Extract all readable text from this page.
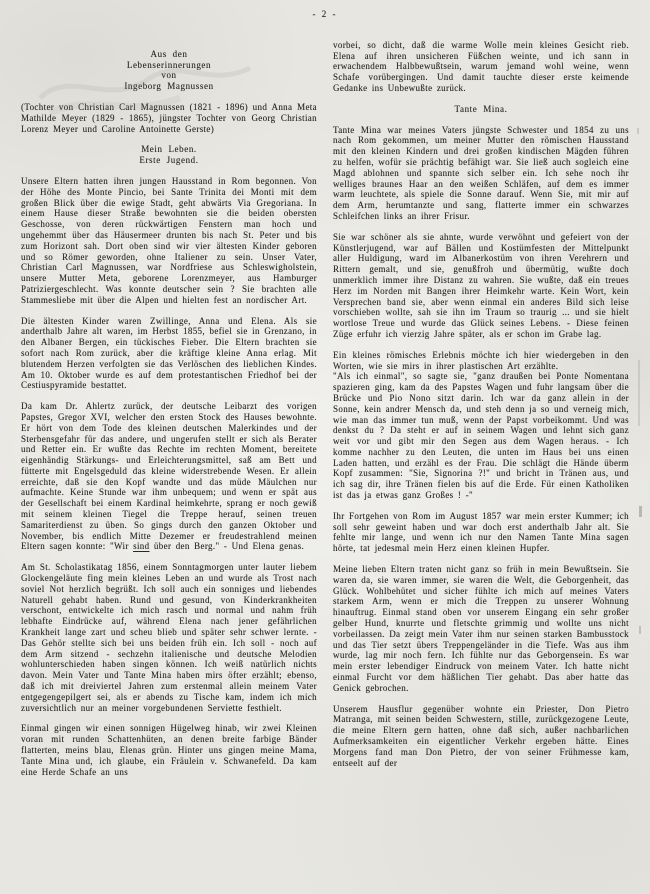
- 2 -
Aus den
Lebenserinnerungen
von
Ingeborg Magnussen

(Tochter von Christian Carl Magnussen (1821 - 1896) und Anna Meta Mathilde Meyer (1829 - 1865), jüngster Tochter von Georg Christian Lorenz Meyer und Caroline Antoinette Gerste)

Mein Leben.
Erste Jugend.

Unsere Eltern hatten ihren jungen Hausstand in Rom begonnen. Von der Höhe des Monte Pincio, bei Sante Trinita dei Monti mit dem großen Blick über die ewige Stadt, geht abwärts Via Gregoriana. In einem Hause dieser Straße bewohnten sie die beiden obersten Geschosse, von deren rückwärtigen Fenstern man hoch und ungehemmt über das Häusermeer drunten bis nach St. Peter und bis zum Horizont sah. Dort oben sind wir vier ältesten Kinder geboren und so Römer geworden, ohne Italiener zu sein. Unser Vater, Christian Carl Magnussen, war Nordfriese aus Schleswigholstein, unsere Mutter Meta, geborene Lorenzmeyer, aus Hamburger Patriziergeschlecht. Was konnte deutscher sein ? Sie brachten alle Stammesliebe mit über die Alpen und hielten fest an nordischer Art.

Die ältesten Kinder waren Zwillinge, Anna und Elena. Als sie anderthalb Jahre alt waren, im Herbst 1855, befiel sie in Grenzano, in den Albaner Bergen, ein tückisches Fieber. Die Eltern brachten sie sofort nach Rom zurück, aber die kräftige kleine Anna erlag. Mit blutendem Herzen verfolgten sie das Verlöschen des lieblichen Kindes. Am 10. Oktober wurde es auf dem protestantischen Friedhof bei der Cestiuspyramide bestattet.

Da kam Dr. Ahlertz zurück, der deutsche Leibarzt des vorigen Papstes, Gregor XVI, welcher den ersten Stock des Hauses bewohnte. Er hört von dem Tode des kleinen deutschen Malerkindes und der Sterbensgefahr für das andere, und ungerufen stellt er sich als Berater und Retter ein. Er wußte das Rechte im rechten Moment, bereitete eigenhändig Stärkungs- und Erleichterungsmittel, saß am Bett und fütterte mit Engelsgeduld das kleine widerstrebende Wesen. Er allein erreichte, daß sie den Kopf wandte und das müde Mäulchen nur aufmachte. Keine Stunde war ihm unbequem; und wenn er spät aus der Gesellschaft bei einem Kardinal heimkehrte, sprang er noch gewiß mit seinem kleinen Tiegel die Treppe herauf, seinen treuen Samariterdienst zu üben. So gings durch den ganzen Oktober und November, bis endlich Mitte Dezemer er freudestrahlend meinen Eltern sagen konnte: "Wir sind über den Berg." - Und Elena genas.

Am St. Scholastikatag 1856, einem Sonntagmorgen unter lauter liebem Glockengeläute fing mein kleines Leben an und wurde als Trost nach soviel Not herzlich begrüßt. Ich soll auch ein sonniges und liebendes Naturell gehabt haben. Rund und gesund, von Kinderkrankheiten verschont, entwickelte ich mich rasch und normal und nahm früh lebhafte Eindrücke auf, während Elena nach jener gefährlichen Krankheit lange zart und scheu blieb und später sehr schwer lernte. - Das Gehör stellte sich bei uns beiden früh ein. Ich soll - noch auf dem Arm sitzend - sechzehn italienische und deutsche Melodien wohlunterschieden haben singen können. Ich weiß natürlich nichts davon. Mein Vater und Tante Mina haben mirs öfter erzählt; ebenso, daß ich mit dreiviertel Jahren zum erstenmal allein meinem Vater entgegengepilgert sei, als er abends zu Tische kam, indem ich mich zuversichtlich nur an meiner vorgebundenen Serviette festhielt.

Einmal gingen wir einen sonnigen Hügelweg hinab, wir zwei Kleinen voran mit runden Schattenhüten, an denen breite farbige Bänder flatterten, meins blau, Elenas grün. Hinter uns gingen meine Mama, Tante Mina und, ich glaube, ein Fräulein v. Schwanefeld. Da kam eine Herde Schafe an uns

vorbei, so dicht, daß die warme Wolle mein kleines Gesicht rieb. Elena auf ihren unsicheren Füßchen weinte, und ich sann in erwachendem Halbbewußtsein, warum jemand wohl weine, wenn Schafe vorübergingen. Und damit tauchte dieser erste keimende Gedanke ins Unbewußte zurück.

Tante Mina.

Tante Mina war meines Vaters jüngste Schwester und 1854 zu uns nach Rom gekommen, um meiner Mutter den römischen Hausstand mit den kleinen Kindern und drei großen kindischen Mägden führen zu helfen, wofür sie prächtig befähigt war. Sie ließ auch sogleich eine Magd ablohnen und spannte sich selber ein. Ich sehe noch ihr welliges braunes Haar an den weißen Schläfen, auf dem es immer warm leuchtete, als spiele die Sonne darauf. Wenn Sie, mit mir auf dem Arm, herumtanzte und sang, flatterte immer ein schwarzes Schleifchen links an ihrer Frisur.

Sie war schöner als sie ahnte, wurde verwöhnt und gefeiert von der Künstlerjugend, war auf Bällen und Kostümfesten der Mittelpunkt aller Huldigung, ward im Albanerkostüm von ihren Verehrern und Rittern gemalt, und sie, genußfroh und übermütig, wußte doch unmerklich immer ihre Distanz zu wahren. Sie wußte, daß ein treues Herz im Norden mit Bangen ihrer Heimkehr warte. Kein Wort, kein Versprechen band sie, aber wenn einmal ein anderes Bild sich leise vorschieben wollte, sah sie ihn im Traum so traurig ... und sie hielt wortlose Treue und wurde das Glück seines Lebens. - Diese feinen Züge erfuhr ich vierzig Jahre später, als er schon im Grabe lag.

Ein kleines römisches Erlebnis möchte ich hier wiedergeben in den Worten, wie sie mirs in ihrer plastischen Art erzählte.

"Als ich einmal", so sagte sie, "ganz draußen bei Ponte Nomentana spazieren ging, kam da des Papstes Wagen und fuhr langsam über die Brücke und Pio Nono sitzt darin. Ich war da ganz allein in der Sonne, kein andrer Mensch da, und steh denn ja so und verneig mich, wie man das immer tun muß, wenn der Papst vorbeikommt. Und was denkst du ? Da steht er auf in seinem Wagen und lehnt sich ganz weit vor und gibt mir den Segen aus dem Wagen heraus. - Ich komme nachher zu den Leuten, die unten im Haus bei uns einen Laden hatten, und erzähl es der Frau. Die schlägt die Hände überm Kopf zusammen: "Sie, Signorina ?!" und bricht in Tränen aus, und ich sag dir, ihre Tränen fielen bis auf die Erde. Für einen Katholiken ist das ja etwas ganz Großes ! -"

Ihr Fortgehen von Rom im August 1857 war mein erster Kummer; ich soll sehr geweint haben und war doch erst anderthalb Jahr alt. Sie fehlte mir lange, und wenn ich nur den Namen Tante Mina sagen hörte, tat jedesmal mein Herz einen kleinen Hupfer.

Meine lieben Eltern traten nicht ganz so früh in mein Bewußtsein. Sie waren da, sie waren immer, sie waren die Welt, die Geborgenheit, das Glück. Wohlbehütet und sicher fühlte ich mich auf meines Vaters starkem Arm, wenn er mich die Treppen zu unserer Wohnung hinauftrug. Einmal stand oben vor unserem Eingang ein sehr großer gelber Hund, knurrte und fletschte grimmig und wollte uns nicht vorbeilassen. Da zeigt mein Vater ihm nur seinen starken Bambusstock und das Tier setzt übers Treppengeländer in die Tiefe. Was aus ihm wurde, lag mir noch fern. Ich fühlte nur das Geborgensein. Es war mein erster lebendiger Eindruck von meinem Vater. Ich hatte nicht einmal Furcht vor dem häßlichen Tier gehabt. Das aber hatte das Genick gebrochen.

Unserem Hausflur gegenüber wohnte ein Priester, Don Pietro Matranga, mit seinen beiden Schwestern, stille, zurückgezogene Leute, die meine Eltern gern hatten, ohne daß sich, außer nachbarlichen Aufmerksamkeiten ein eigentlicher Verkehr ergeben hätte. Eines Morgens fand man Don Pietro, der von seiner Frühmesse kam, entseelt auf der
